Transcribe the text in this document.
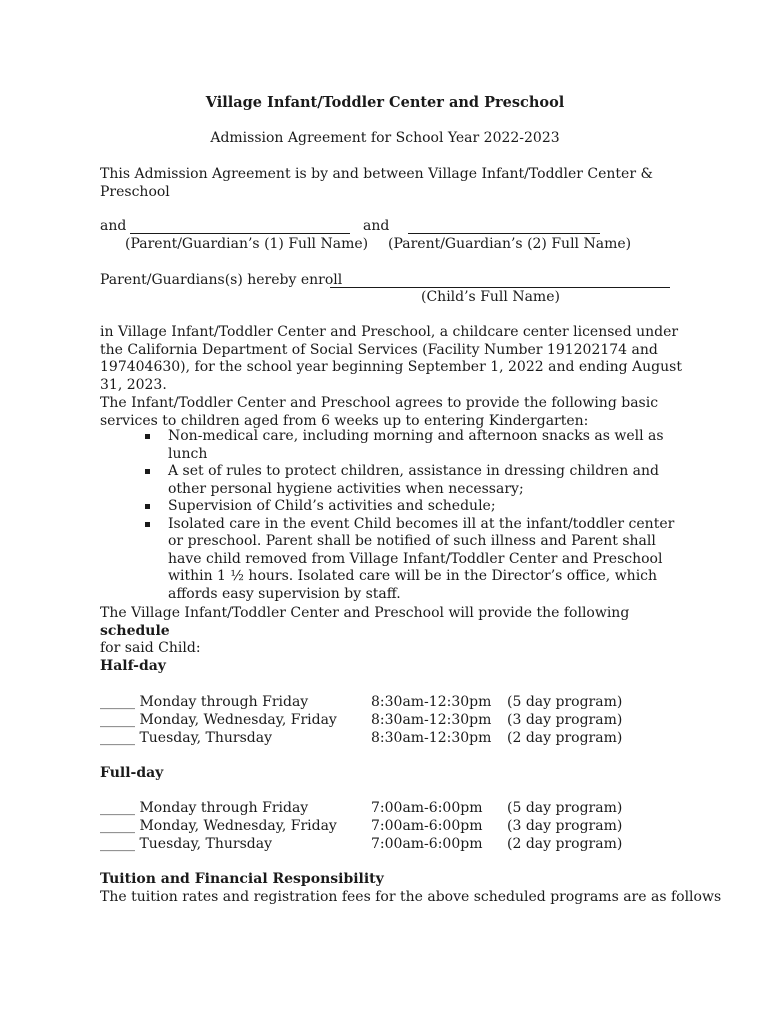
Village Infant/Toddler Center and Preschool
Admission Agreement for School Year 2022-2023
This Admission Agreement is by and between Village Infant/Toddler Center & Preschool
and	and
(Parent/Guardian’s (1) Full Name) (Parent/Guardian’s (2) Full Name)
Parent/Guardians(s) hereby enroll
(Child’s Full Name)
in Village Infant/Toddler Center and Preschool, a childcare center licensed under the California Department of Social Services (Facility Number 191202174 and 197404630), for the school year beginning September 1, 2022 and ending August 31, 2023.
The Infant/Toddler Center and Preschool agrees to provide the following basic services to children aged from 6 weeks up to entering Kindergarten:
Non-medical care, including morning and afternoon snacks as well as lunch
A set of rules to protect children, assistance in dressing children and other personal hygiene activities when necessary;
Supervision of Child’s activities and schedule;
Isolated care in the event Child becomes ill at the infant/toddler center or preschool. Parent shall be notified of such illness and Parent shall have child removed from Village Infant/Toddler Center and Preschool within 1 ½ hours. Isolated care will be in the Director’s office, which affords easy supervision by staff.
The Village Infant/Toddler Center and Preschool will provide the following schedule
for said Child:
Half-day
_____ Monday through Friday	8:30am-12:30pm (5 day program)
_____ Monday, Wednesday, Friday 8:30am-12:30pm (3 day program)
_____ Tuesday, Thursday	8:30am-12:30pm (2 day program)
Full-day
_____ Monday through Friday	7:00am-6:00pm (5 day program)
_____ Monday, Wednesday, Friday 7:00am-6:00pm (3 day program)
_____ Tuesday, Thursday	7:00am-6:00pm (2 day program)
Tuition and Financial Responsibility
The tuition rates and registration fees for the above scheduled programs are as follows
